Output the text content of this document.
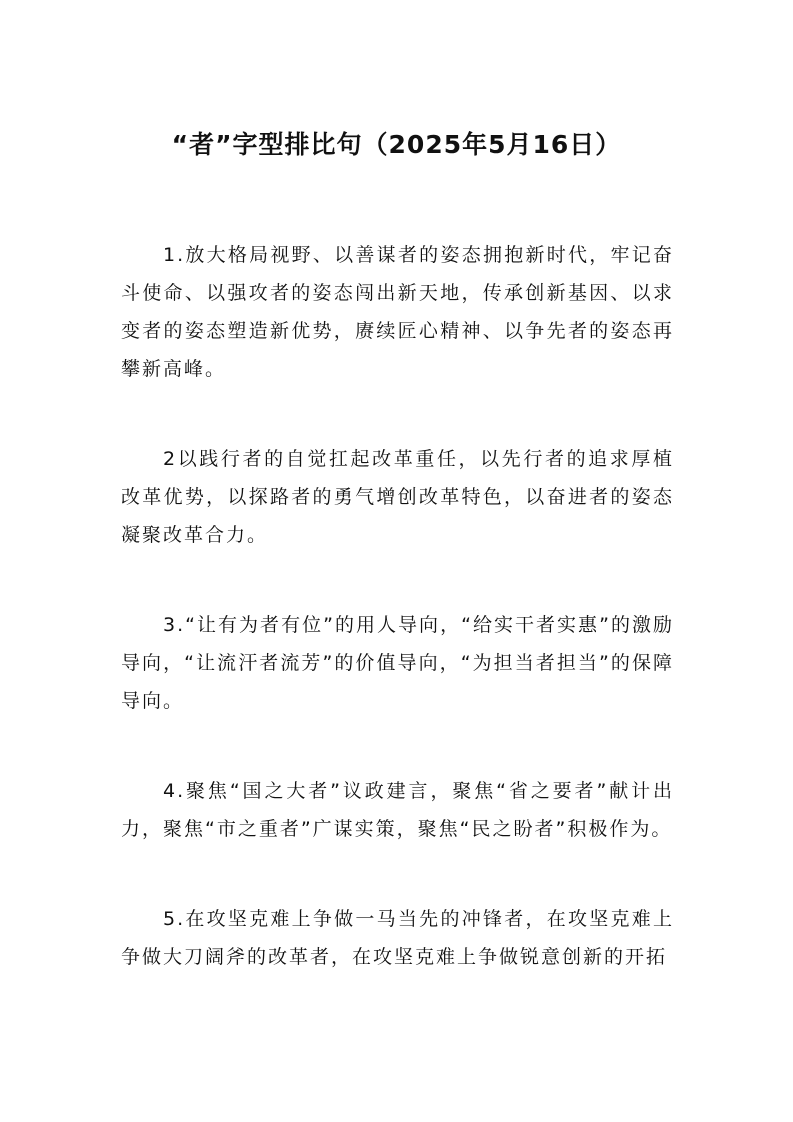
“者”字型排比句（2025年5月16日）

1.放大格局视野、以善谋者的姿态拥抱新时代，牢记奋斗使命、以强攻者的姿态闯出新天地，传承创新基因、以求变者的姿态塑造新优势，赓续匠心精神、以争先者的姿态再攀新高峰。

2以践行者的自觉扛起改革重任，以先行者的追求厚植改革优势，以探路者的勇气增创改革特色，以奋进者的姿态凝聚改革合力。

3.“让有为者有位”的用人导向，“给实干者实惠”的激励导向，“让流汗者流芳”的价值导向，“为担当者担当”的保障导向。

4.聚焦“国之大者”议政建言，聚焦“省之要者”献计出力，聚焦“市之重者”广谋实策，聚焦“民之盼者”积极作为。

5.在攻坚克难上争做一马当先的冲锋者，在攻坚克难上争做大刀阔斧的改革者，在攻坚克难上争做锐意创新的开拓
